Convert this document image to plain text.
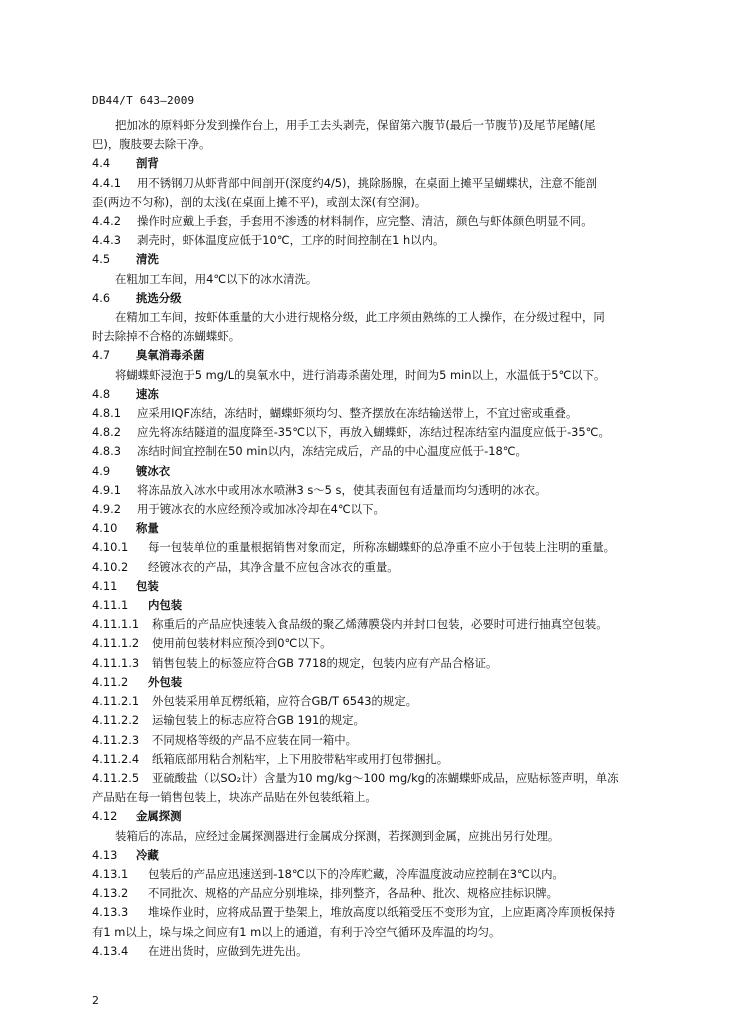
DB44/T 643—2009
把加冰的原料虾分发到操作台上，用手工去头剥壳，保留第六腹节(最后一节腹节)及尾节尾鳍(尾
巴)，腹肢要去除干净。
4.4 剖背
4.4.1 用不锈钢刀从虾背部中间剖开(深度约4/5)，挑除肠腺，在桌面上摊平呈蝴蝶状，注意不能剖
歪(两边不匀称)，剖的太浅(在桌面上摊不平)，或剖太深(有空洞)。
4.4.2 操作时应戴上手套，手套用不渗透的材料制作，应完整、清洁，颜色与虾体颜色明显不同。
4.4.3 剥壳时，虾体温度应低于10℃，工序的时间控制在1 h以内。
4.5 清洗
在粗加工车间，用4℃以下的冰水清洗。
4.6 挑选分级
在精加工车间，按虾体重量的大小进行规格分级，此工序须由熟练的工人操作，在分级过程中，同
时去除掉不合格的冻蝴蝶虾。
4.7 臭氧消毒杀菌
将蝴蝶虾浸泡于5 mg/L的臭氧水中，进行消毒杀菌处理，时间为5 min以上，水温低于5℃以下。
4.8 速冻
4.8.1 应采用IQF冻结，冻结时，蝴蝶虾须均匀、整齐摆放在冻结输送带上，不宜过密或重叠。
4.8.2 应先将冻结隧道的温度降至-35℃以下，再放入蝴蝶虾，冻结过程冻结室内温度应低于-35℃。
4.8.3 冻结时间宜控制在50 min以内，冻结完成后，产品的中心温度应低于-18℃。
4.9 镀冰衣
4.9.1 将冻品放入冰水中或用冰水喷淋3 s～5 s，使其表面包有适量而均匀透明的冰衣。
4.9.2 用于镀冰衣的水应经预冷或加冰冷却在4℃以下。
4.10 称量
4.10.1 每一包装单位的重量根据销售对象而定，所称冻蝴蝶虾的总净重不应小于包装上注明的重量。
4.10.2 经镀冰衣的产品，其净含量不应包含冰衣的重量。
4.11 包装
4.11.1 内包装
4.11.1.1 称重后的产品应快速装入食品级的聚乙烯薄膜袋内并封口包装，必要时可进行抽真空包装。
4.11.1.2 使用前包装材料应预冷到0℃以下。
4.11.1.3 销售包装上的标签应符合GB 7718的规定，包装内应有产品合格证。
4.11.2 外包装
4.11.2.1 外包装采用单瓦楞纸箱，应符合GB/T 6543的规定。
4.11.2.2 运输包装上的标志应符合GB 191的规定。
4.11.2.3 不同规格等级的产品不应装在同一箱中。
4.11.2.4 纸箱底部用粘合剂粘牢，上下用胶带粘牢或用打包带捆扎。
4.11.2.5 亚硫酸盐（以SO₂计）含量为10 mg/kg～100 mg/kg的冻蝴蝶虾成品，应贴标签声明，单冻
产品贴在每一销售包装上，块冻产品贴在外包装纸箱上。
4.12 金属探测
装箱后的冻品，应经过金属探测器进行金属成分探测，若探测到金属，应挑出另行处理。
4.13 冷藏
4.13.1 包装后的产品应迅速送到-18℃以下的冷库贮藏，冷库温度波动应控制在3℃以内。
4.13.2 不同批次、规格的产品应分别堆垛，排列整齐，各品种、批次、规格应挂标识牌。
4.13.3 堆垛作业时，应将成品置于垫架上，堆放高度以纸箱受压不变形为宜，上应距离冷库顶板保持
有1 m以上，垛与垛之间应有1 m以上的通道，有利于冷空气循环及库温的均匀。
4.13.4 在进出货时，应做到先进先出。
2
